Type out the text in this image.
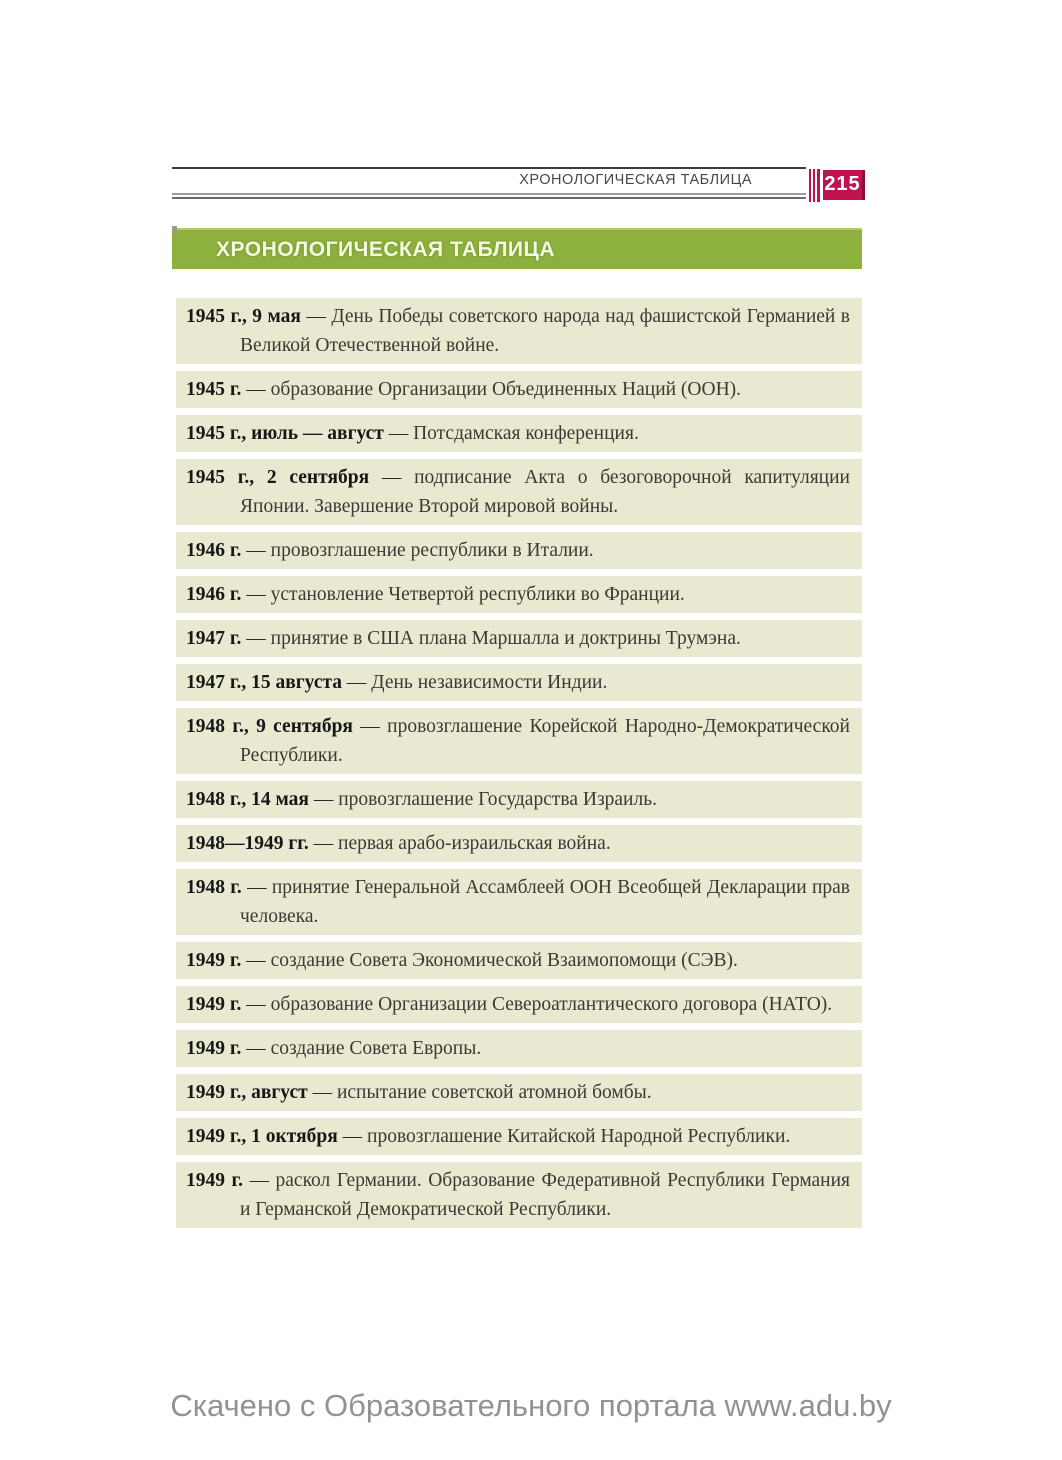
ХРОНОЛОГИЧЕСКАЯ ТАБЛИЦА	215
ХРОНОЛОГИЧЕСКАЯ ТАБЛИЦА
1945 г., 9 мая — День Победы советского народа над фашистской Германией в Великой Отечественной войне.
1945 г. — образование Организации Объединенных Наций (ООН).
1945 г., июль — август — Потсдамская конференция.
1945 г., 2 сентября — подписание Акта о безоговорочной капитуляции Японии. Завершение Второй мировой войны.
1946 г. — провозглашение республики в Италии.
1946 г. — установление Четвертой республики во Франции.
1947 г. — принятие в США плана Маршалла и доктрины Трумэна.
1947 г., 15 августа — День независимости Индии.
1948 г., 9 сентября — провозглашение Корейской Народно-Демократической Республики.
1948 г., 14 мая — провозглашение Государства Израиль.
1948—1949 гг. — первая арабо-израильская война.
1948 г. — принятие Генеральной Ассамблеей ООН Всеобщей Декларации прав человека.
1949 г. — создание Совета Экономической Взаимопомощи (СЭВ).
1949 г. — образование Организации Североатлантического договора (НАТО).
1949 г. — создание Совета Европы.
1949 г., август — испытание советской атомной бомбы.
1949 г., 1 октября — провозглашение Китайской Народной Республики.
1949 г. — раскол Германии. Образование Федеративной Республики Германия и Германской Демократической Республики.
Скачено с Образовательного портала www.adu.by
